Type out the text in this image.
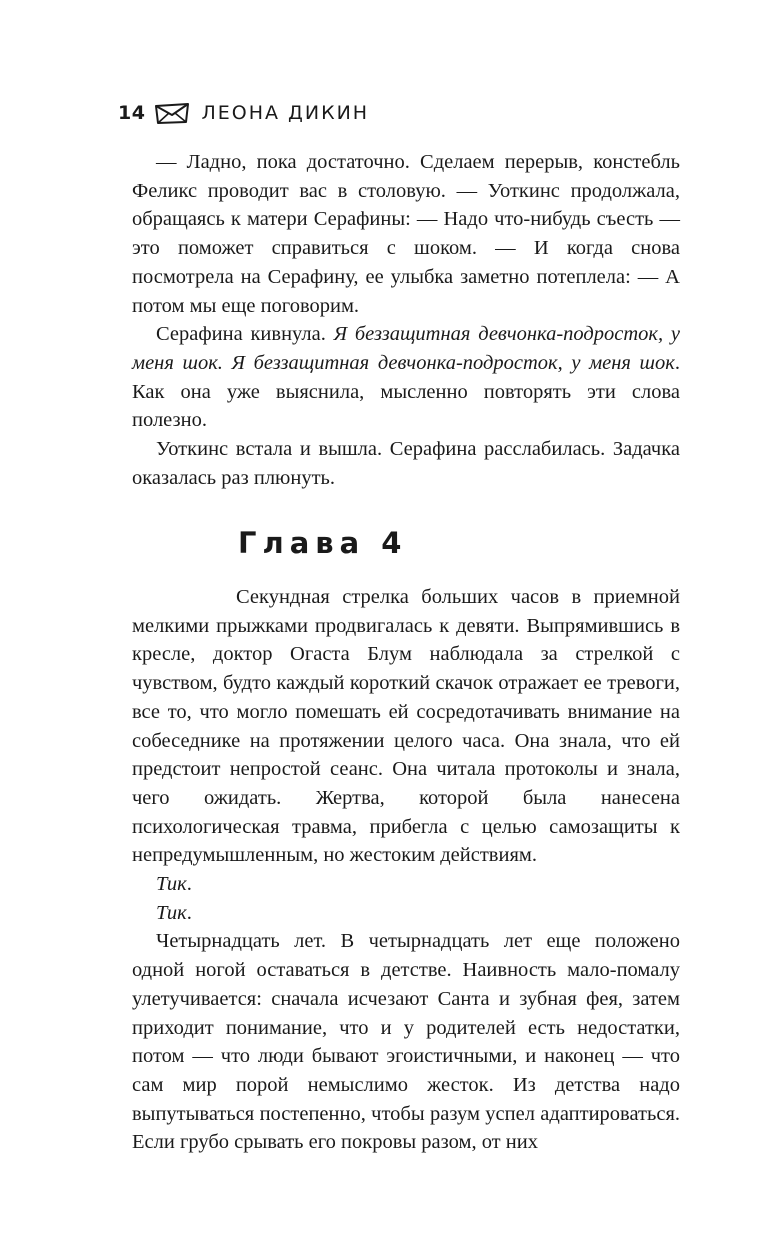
14	ЛЕОНА ДИКИН

— Ладно, пока достаточно. Сделаем перерыв, констебль Феликс проводит вас в столовую. — Уоткинс продолжала, обращаясь к матери Серафины: — Надо что-нибудь съесть — это поможет справиться с шоком. — И когда снова посмотрела на Серафину, ее улыбка заметно потеплела: — А потом мы еще поговорим.

Серафина кивнула. Я беззащитная девчонка-подросток, у меня шок. Я беззащитная девчонка-подросток, у меня шок. Как она уже выяснила, мысленно повторять эти слова полезно.

Уоткинс встала и вышла. Серафина расслабилась. Задачка оказалась раз плюнуть.

Глава 4

Секундная стрелка больших часов в приемной мелкими прыжками продвигалась к девяти. Выпрямившись в кресле, доктор Огаста Блум наблюдала за стрелкой с чувством, будто каждый короткий скачок отражает ее тревоги, все то, что могло помешать ей сосредотачивать внимание на собеседнике на протяжении целого часа. Она знала, что ей предстоит непростой сеанс. Она читала протоколы и знала, чего ожидать. Жертва, которой была нанесена психологическая травма, прибегла с целью самозащиты к непредумышленным, но жестоким действиям.

Тик.

Тик.

Четырнадцать лет. В четырнадцать лет еще положено одной ногой оставаться в детстве. Наивность мало-помалу улетучивается: сначала исчезают Санта и зубная фея, затем приходит понимание, что и у родителей есть недостатки, потом — что люди бывают эгоистичными, и наконец — что сам мир порой немыслимо жесток. Из детства надо выпутываться постепенно, чтобы разум успел адаптироваться. Если грубо срывать его покровы разом, от них
